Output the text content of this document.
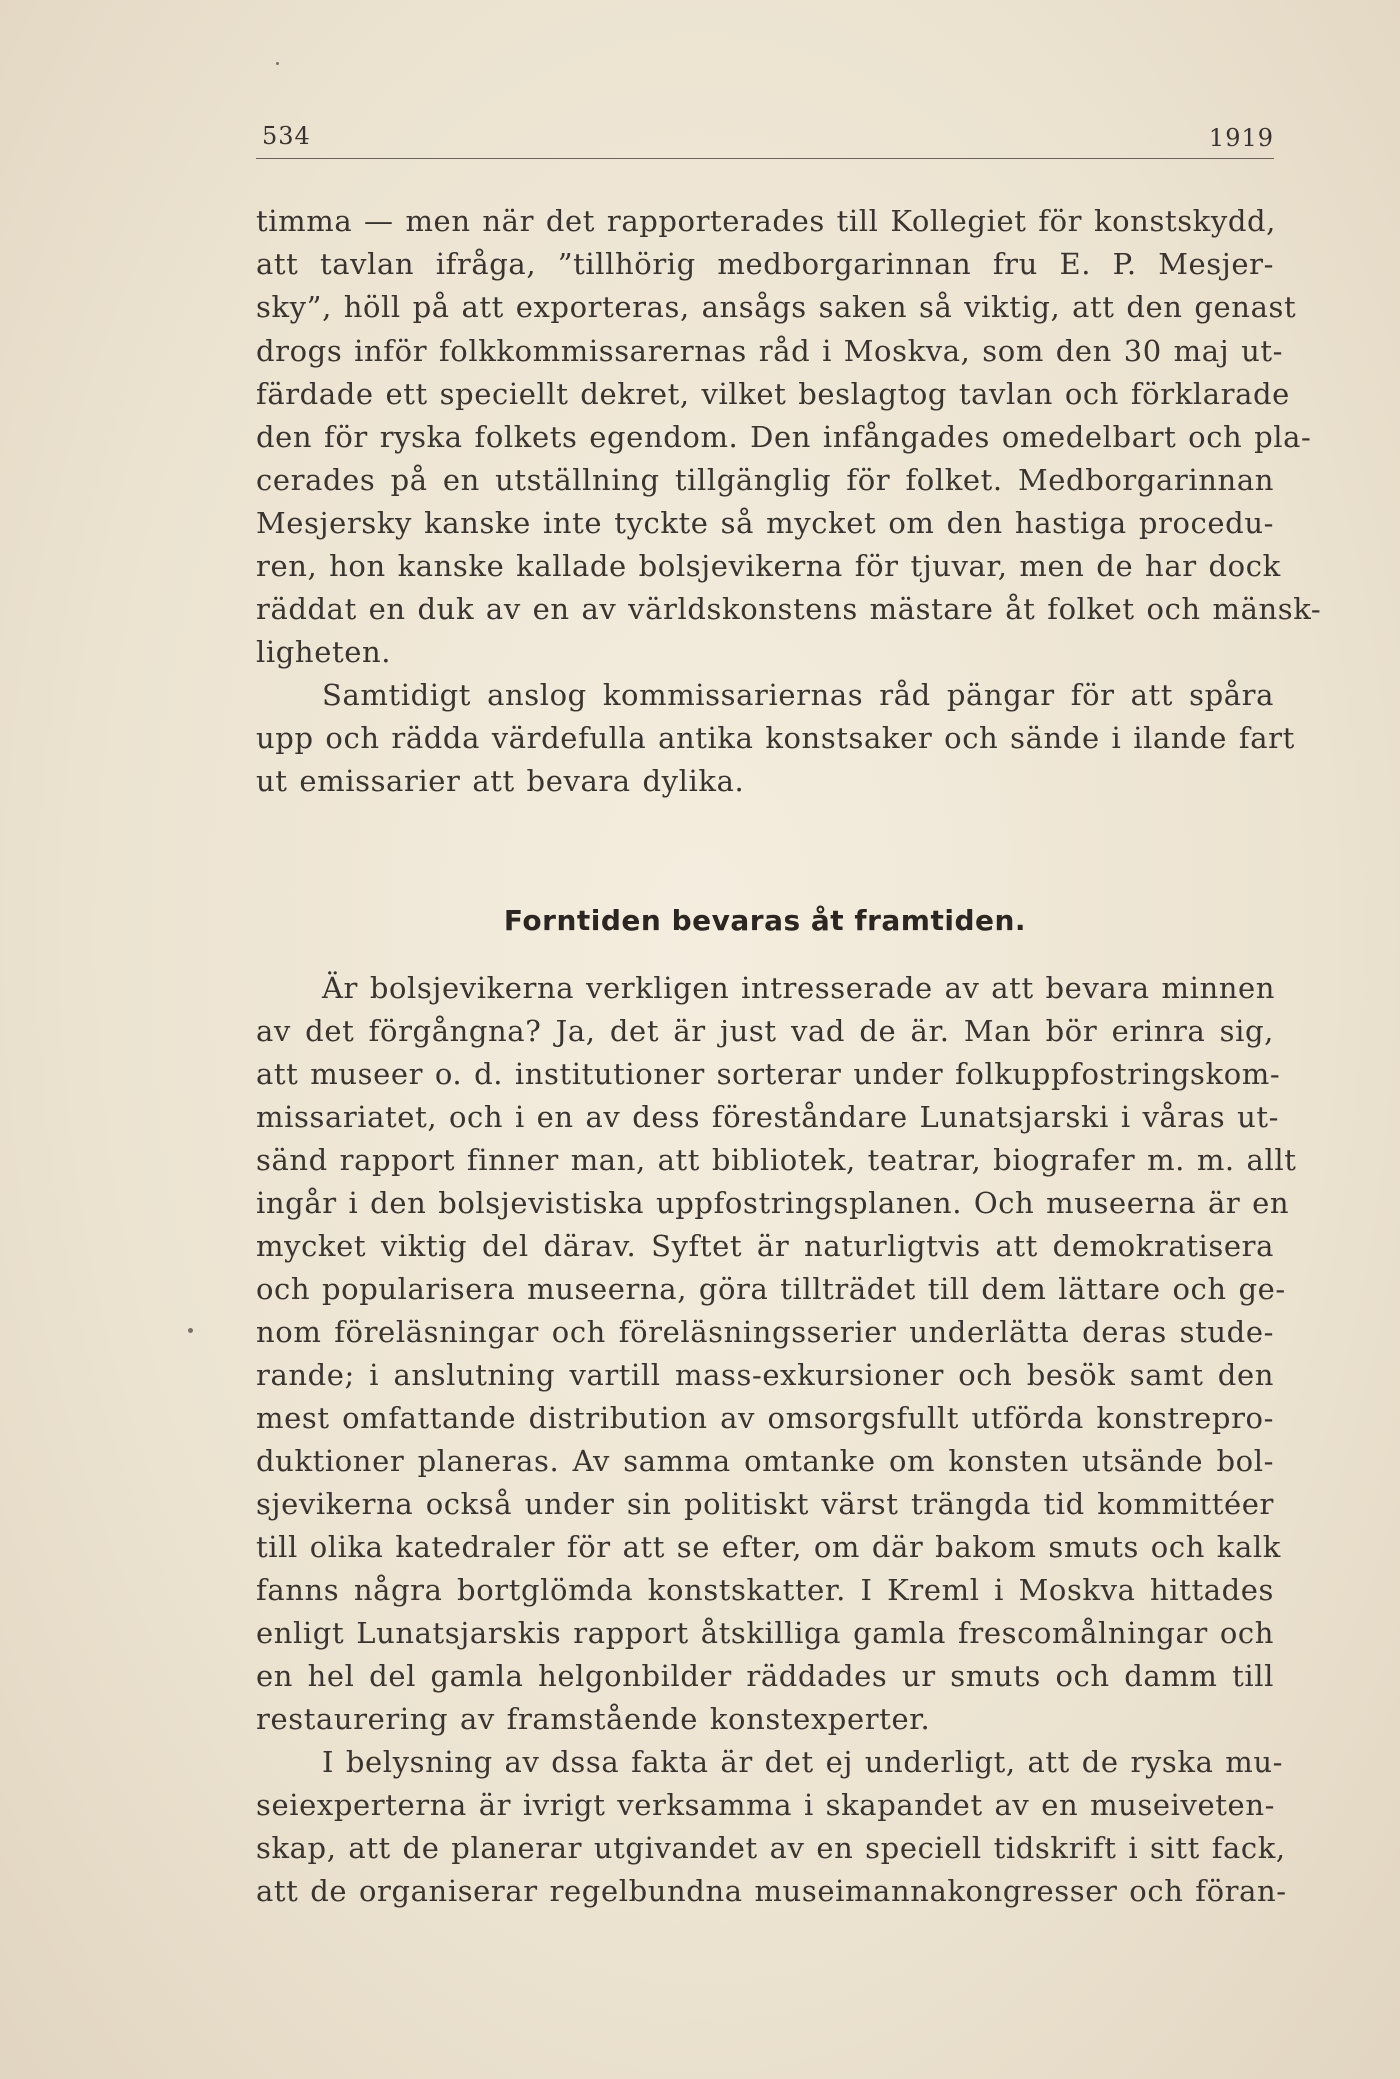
534	1919
timma — men när det rapporterades till Kollegiet för konstskydd,
att tavlan ifråga, ”tillhörig medborgarinnan fru E. P. Mesjer-
sky”, höll på att exporteras, ansågs saken så viktig, att den genast
drogs inför folkkommissarernas råd i Moskva, som den 30 maj ut-
färdade ett speciellt dekret, vilket beslagtog tavlan och förklarade
den för ryska folkets egendom. Den infångades omedelbart och pla-
cerades på en utställning tillgänglig för folket. Medborgarinnan
Mesjersky kanske inte tyckte så mycket om den hastiga procedu-
ren, hon kanske kallade bolsjevikerna för tjuvar, men de har dock
räddat en duk av en av världskonstens mästare åt folket och mänsk-
ligheten.
Samtidigt anslog kommissariernas råd pängar för att spåra
upp och rädda värdefulla antika konstsaker och sände i ilande fart
ut emissarier att bevara dylika.
Forntiden bevaras åt framtiden.
Är bolsjevikerna verkligen intresserade av att bevara minnen
av det förgångna? Ja, det är just vad de är. Man bör erinra sig,
att museer o. d. institutioner sorterar under folkuppfostringskom-
missariatet, och i en av dess föreståndare Lunatsjarski i våras ut-
sänd rapport finner man, att bibliotek, teatrar, biografer m. m. allt
ingår i den bolsjevistiska uppfostringsplanen. Och museerna är en
mycket viktig del därav. Syftet är naturligtvis att demokratisera
och popularisera museerna, göra tillträdet till dem lättare och ge-
nom föreläsningar och föreläsningsserier underlätta deras stude-
rande; i anslutning vartill mass-exkursioner och besök samt den
mest omfattande distribution av omsorgsfullt utförda konstrepro-
duktioner planeras. Av samma omtanke om konsten utsände bol-
sjevikerna också under sin politiskt värst trängda tid kommittéer
till olika katedraler för att se efter, om där bakom smuts och kalk
fanns några bortglömda konstskatter. I Kreml i Moskva hittades
enligt Lunatsjarskis rapport åtskilliga gamla frescomålningar och
en hel del gamla helgonbilder räddades ur smuts och damm till
restaurering av framstående konstexperter.
I belysning av dssa fakta är det ej underligt, att de ryska mu-
seiexperterna är ivrigt verksamma i skapandet av en museiveten-
skap, att de planerar utgivandet av en speciell tidskrift i sitt fack,
att de organiserar regelbundna museimannakongresser och föran-
